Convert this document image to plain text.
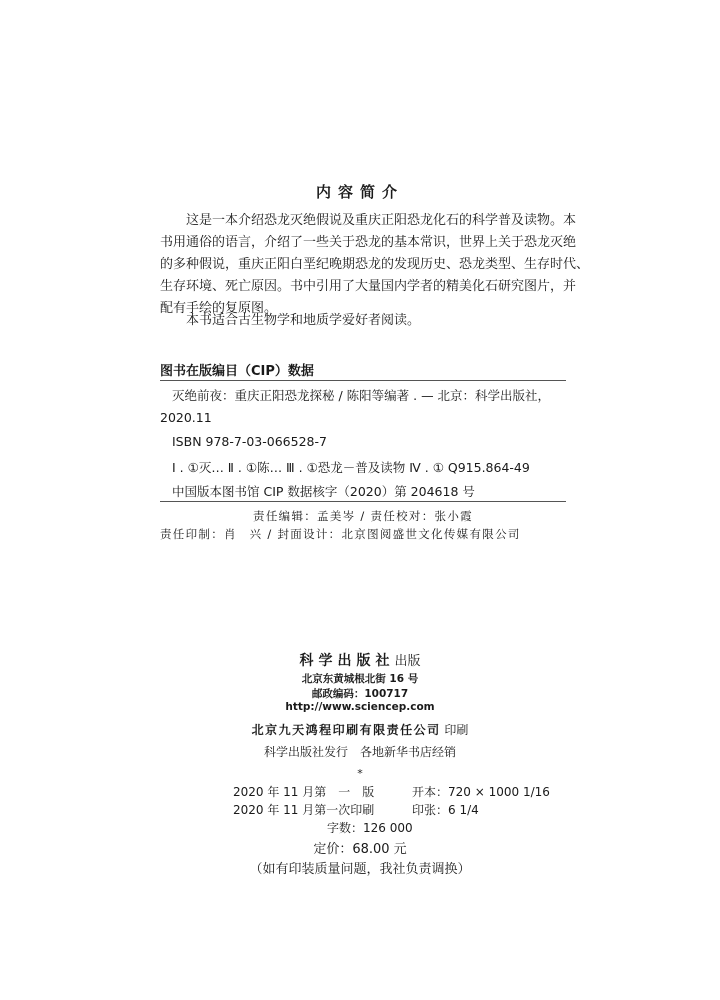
内容简介
这是一本介绍恐龙灭绝假说及重庆正阳恐龙化石的科学普及读物。本
书用通俗的语言，介绍了一些关于恐龙的基本常识，世界上关于恐龙灭绝
的多种假说，重庆正阳白垩纪晚期恐龙的发现历史、恐龙类型、生存时代、
生存环境、死亡原因。书中引用了大量国内学者的精美化石研究图片，并
配有手绘的复原图。
本书适合古生物学和地质学爱好者阅读。
图书在版编目（CIP）数据
灭绝前夜：重庆正阳恐龙探秘 / 陈阳等编著 . — 北京：科学出版社，
2020.11
ISBN 978-7-03-066528-7
Ⅰ . ①灭… Ⅱ . ①陈… Ⅲ . ①恐龙－普及读物 Ⅳ . ① Q915.864-49
中国版本图书馆 CIP 数据核字（2020）第 204618 号
责任编辑：孟美岑 / 责任校对：张小霞
责任印制：肖　兴 / 封面设计：北京图阅盛世文化传媒有限公司
科学出版社出版
北京东黄城根北街 16 号
邮政编码：100717
http://www.sciencep.com
北京九天鸿程印刷有限责任公司 印刷
科学出版社发行　各地新华书店经销
*
2020 年 11 月第　一　版	开本：720 × 1000 1/16
2020 年 11 月第一次印刷	印张：6 1/4
字数：126 000
定价：68.00 元
（如有印装质量问题，我社负责调换）
